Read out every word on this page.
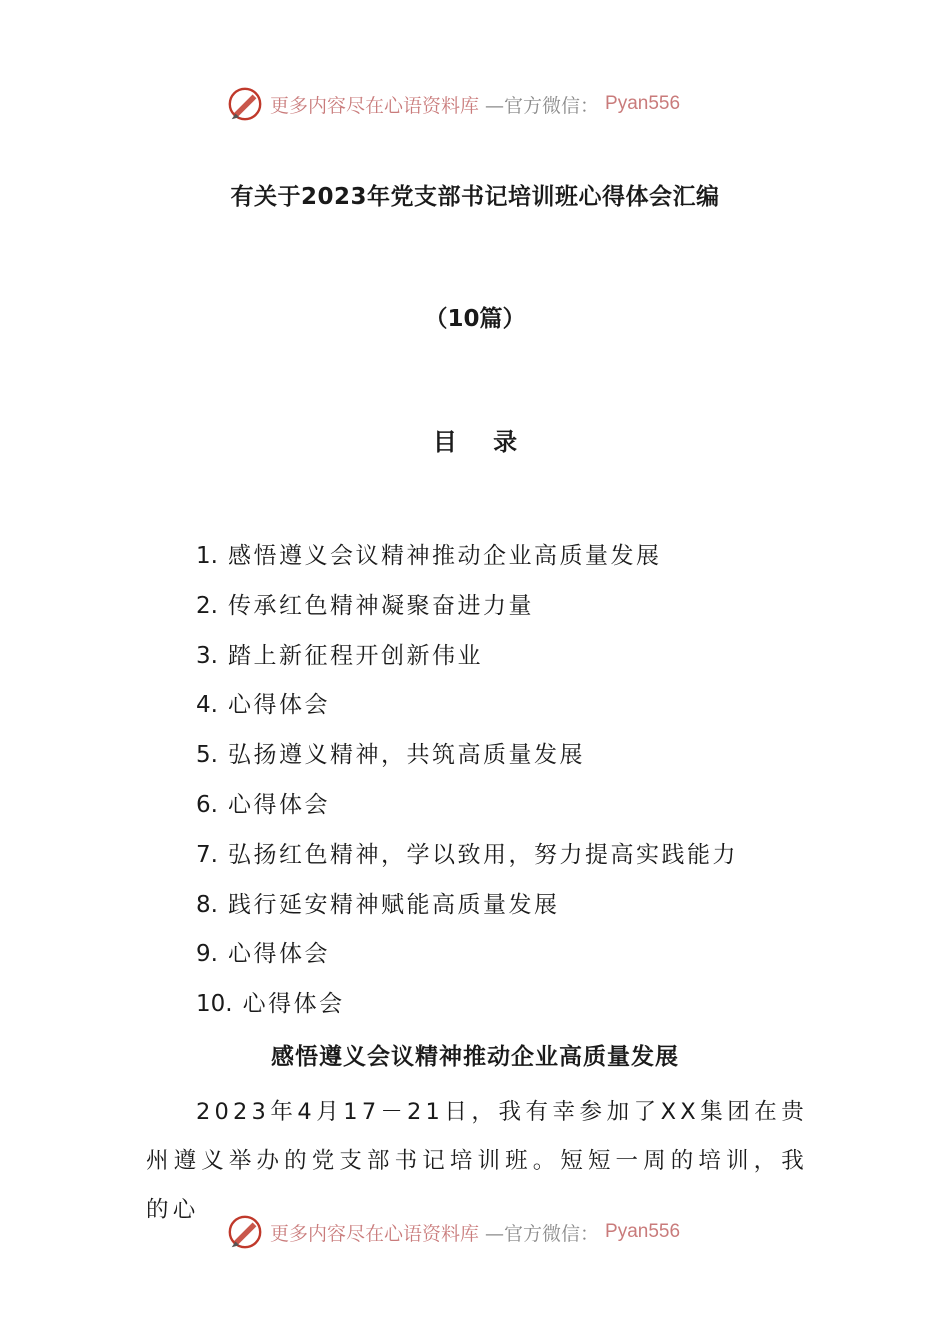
更多内容尽在心语资料库 —官方微信： Pyan556
有关于2023年党支部书记培训班心得体会汇编
（10篇）
目 录
1. 感悟遵义会议精神推动企业高质量发展
2. 传承红色精神凝聚奋进力量
3. 踏上新征程开创新伟业
4. 心得体会
5. 弘扬遵义精神，共筑高质量发展
6. 心得体会
7. 弘扬红色精神，学以致用，努力提高实践能力
8. 践行延安精神赋能高质量发展
9. 心得体会
10. 心得体会
感悟遵义会议精神推动企业高质量发展

2023年4月17－21日，我有幸参加了XX集团在贵州遵义举办的党支部书记培训班。短短一周的培训，我的心

更多内容尽在心语资料库 —官方微信： Pyan556
